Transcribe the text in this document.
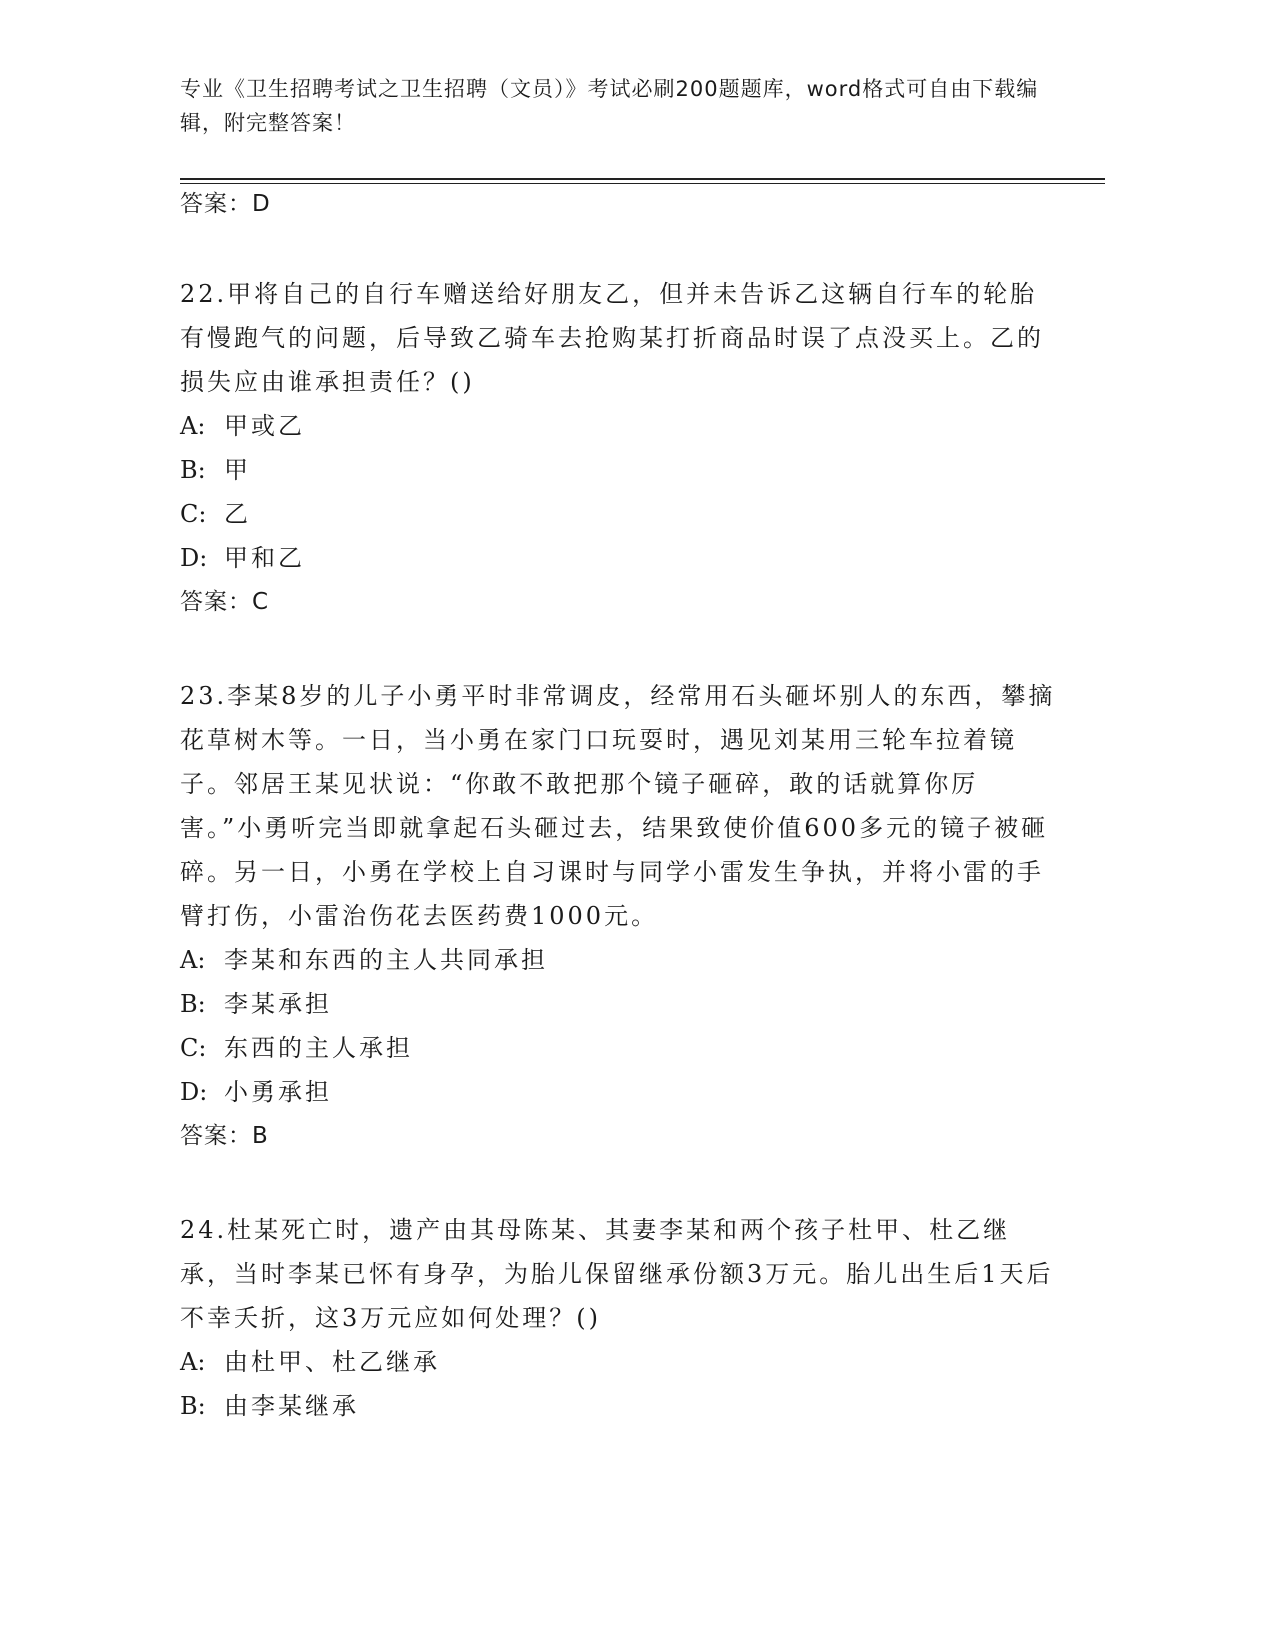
专业《卫生招聘考试之卫生招聘（文员）》考试必刷200题题库，word格式可自由下载编辑，附完整答案！

答案：D

22.甲将自己的自行车赠送给好朋友乙，但并未告诉乙这辆自行车的轮胎有慢跑气的问题，后导致乙骑车去抢购某打折商品时误了点没买上。乙的损失应由谁承担责任？()

A: 甲或乙

B: 甲

C: 乙

D: 甲和乙

答案：C

23.李某8岁的儿子小勇平时非常调皮，经常用石头砸坏别人的东西，攀摘花草树木等。一日，当小勇在家门口玩耍时，遇见刘某用三轮车拉着镜子。邻居王某见状说：“你敢不敢把那个镜子砸碎，敢的话就算你厉害。”小勇听完当即就拿起石头砸过去，结果致使价值600多元的镜子被砸碎。另一日，小勇在学校上自习课时与同学小雷发生争执，并将小雷的手臂打伤，小雷治伤花去医药费1000元。

A: 李某和东西的主人共同承担

B: 李某承担

C: 东西的主人承担

D: 小勇承担

答案：B

24.杜某死亡时，遗产由其母陈某、其妻李某和两个孩子杜甲、杜乙继承，当时李某已怀有身孕，为胎儿保留继承份额3万元。胎儿出生后1天后不幸夭折，这3万元应如何处理？()

A: 由杜甲、杜乙继承

B: 由李某继承
